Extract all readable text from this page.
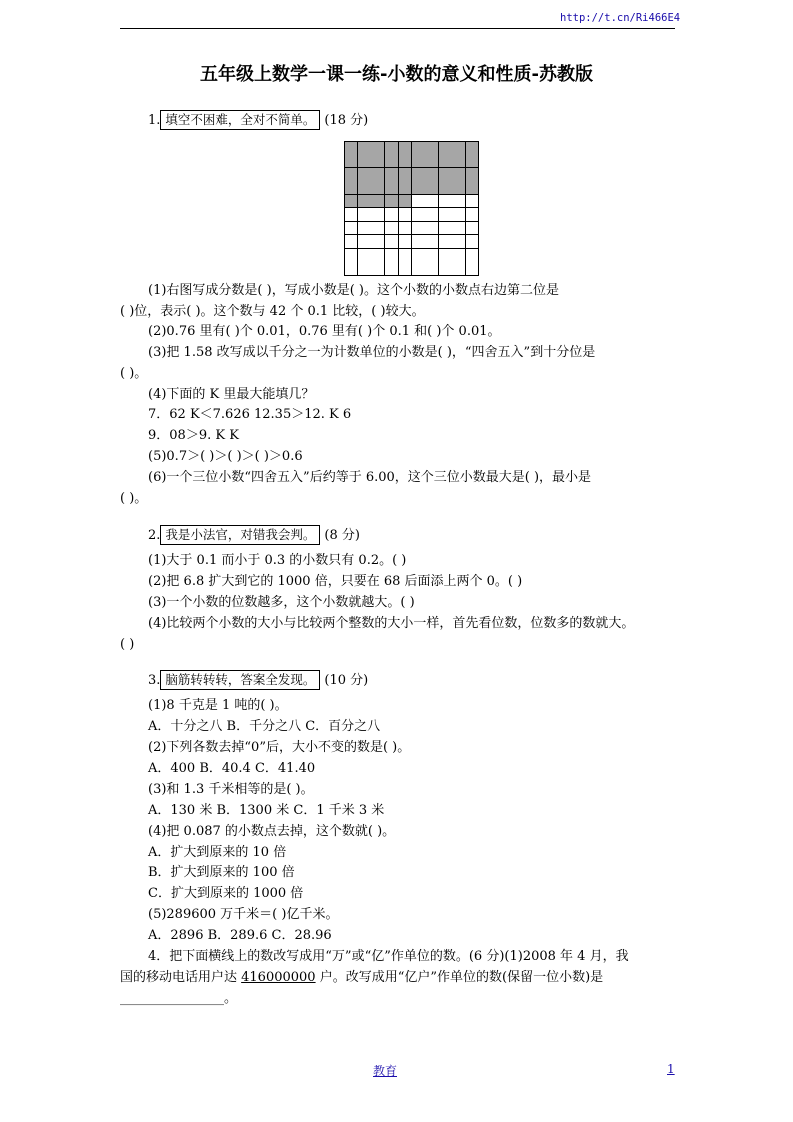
http://t.cn/Ri466E4
五年级上数学一课一练-小数的意义和性质-苏教版
1. 填空不困难，全对不简单。 (18 分)
(1)右图写成分数是( )，写成小数是( )。这个小数的小数点右边第二位是
( )位，表示( )。这个数与 42 个 0.1 比较，( )较大。
(2)0.76 里有( )个 0.01，0.76 里有( )个 0.1 和( )个 0.01。
(3)把 1.58 改写成以千分之一为计数单位的小数是( )，“四舍五入”到十分位是
( )。
(4)下面的 K 里最大能填几？
7．62 K＜7.626 12.35＞12. K 6
9．08＞9. K K
(5)0.7＞( )＞( )＞( )＞0.6
(6)一个三位小数“四舍五入”后约等于 6.00，这个三位小数最大是( )，最小是
( )。
2. 我是小法官，对错我会判。 (8 分)
(1)大于 0.1 而小于 0.3 的小数只有 0.2。( )
(2)把 6.8 扩大到它的 1000 倍，只要在 68 后面添上两个 0。( )
(3)一个小数的位数越多，这个小数就越大。( )
(4)比较两个小数的大小与比较两个整数的大小一样，首先看位数，位数多的数就大。
( )
3. 脑筋转转转，答案全发现。 (10 分)
(1)8 千克是 1 吨的( )。
A．十分之八 B．千分之八 C．百分之八
(2)下列各数去掉“0”后，大小不变的数是( )。
A．400 B．40.4 C．41.40
(3)和 1.3 千米相等的是( )。
A．130 米 B．1300 米 C．1 千米 3 米
(4)把 0.087 的小数点去掉，这个数就( )。
A．扩大到原来的 10 倍
B．扩大到原来的 100 倍
C．扩大到原来的 1000 倍
(5)289600 万千米＝( )亿千米。
A．2896 B．289.6 C．28.96
4．把下面横线上的数改写成用“万”或“亿”作单位的数。(6 分)(1)2008 年 4 月，我
国的移动电话用户达 416000000 户。改写成用“亿户”作单位的数(保留一位小数)是
________________。
教育	1
